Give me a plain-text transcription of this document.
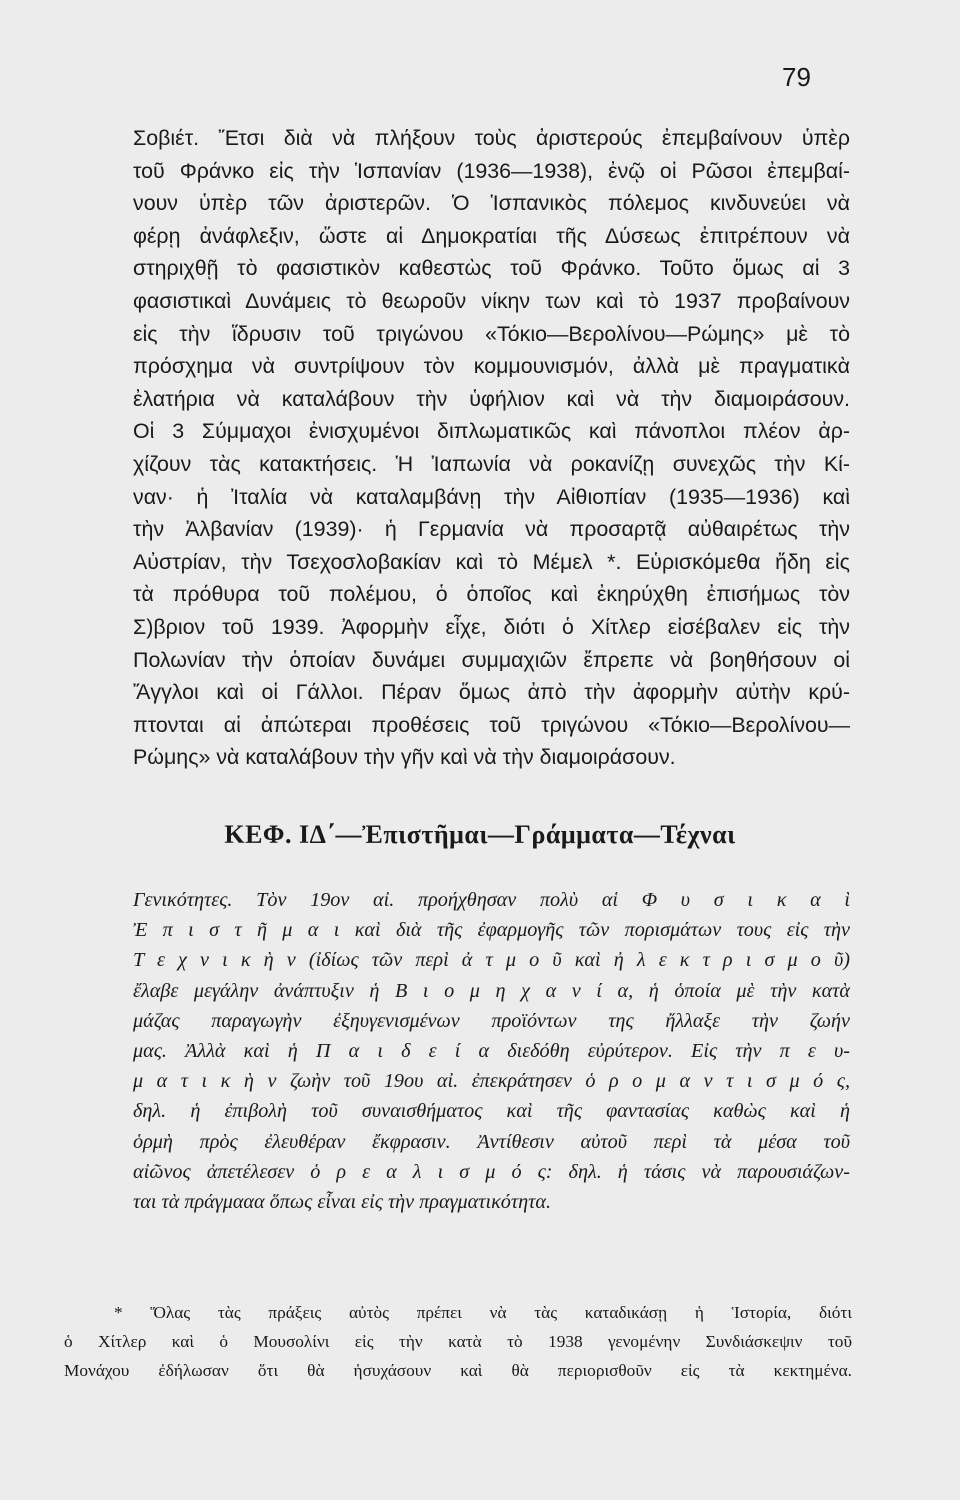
79
Σοβιέτ. Ἔτσι διὰ νὰ πλήξουν τοὺς ἀριστερούς ἐπεμβαίνουν ὑπὲρ
τοῦ Φράνκο εἰς τὴν Ἱσπανίαν (1936—1938), ἐνῷ οἱ Ρῶσοι ἐπεμβαί-
νουν ὑπὲρ τῶν ἀριστερῶν. Ὁ Ἱσπανικὸς πόλεμος κινδυνεύει νὰ
φέρῃ ἀνάφλεξιν, ὥστε αἱ Δημοκρατίαι τῆς Δύσεως ἐπιτρέπουν νὰ
στηριχθῇ τὸ φασιστικὸν καθεστὼς τοῦ Φράνκο. Τοῦτο ὅμως αἱ 3
φασιστικαὶ Δυνάμεις τὸ θεωροῦν νίκην των καὶ τὸ 1937 προβαίνουν
εἰς τὴν ἵδρυσιν τοῦ τριγώνου «Τόκιο—Βερολίνου—Ρώμης» μὲ τὸ
πρόσχημα νὰ συντρίψουν τὸν κομμουνισμόν, ἀλλὰ μὲ πραγματικὰ
ἐλατήρια νὰ καταλάβουν τὴν ὑφήλιον καὶ νὰ τὴν διαμοιράσουν.
Οἱ 3 Σύμμαχοι ἐνισχυμένοι διπλωματικῶς καὶ πάνοπλοι πλέον ἀρ-
χίζουν τὰς κατακτήσεις. Ἡ Ἰαπωνία νὰ ροκανίζῃ συνεχῶς τὴν Κί-
ναν· ἡ Ἰταλία νὰ καταλαμβάνῃ τὴν Αἰθιοπίαν (1935—1936) καὶ
τὴν Ἀλβανίαν (1939)· ἡ Γερμανία νὰ προσαρτᾷ αὐθαιρέτως τὴν
Αὐστρίαν, τὴν Τσεχοσλοβακίαν καὶ τὸ Μέμελ *. Εὑρισκόμεθα ἤδη εἰς
τὰ πρόθυρα τοῦ πολέμου, ὁ ὁποῖος καὶ ἐκηρύχθη ἐπισήμως τὸν
Σ)βριον τοῦ 1939. Ἀφορμὴν εἶχε, διότι ὁ Χίτλερ εἰσέβαλεν εἰς τὴν
Πολωνίαν τὴν ὁποίαν δυνάμει συμμαχιῶν ἔπρεπε νὰ βοηθήσουν οἱ
Ἄγγλοι καὶ οἱ Γάλλοι. Πέραν ὅμως ἀπὸ τὴν ἀφορμὴν αὐτὴν κρύ-
πτονται αἱ ἀπώτεραι προθέσεις τοῦ τριγώνου «Τόκιο—Βερολίνου—
Ρώμης» νὰ καταλάβουν τὴν γῆν καὶ νὰ τὴν διαμοιράσουν.
ΚΕΦ. ΙΔ΄—Ἐπιστῆμαι—Γράμματα—Τέχναι
Γενικότητες. Τὸν 19ον αἰ. προήχθησαν πολὺ αἱ Φ υ σ ι κ α ὶ
Ἐ π ι σ τ ῆ μ α ι καὶ διὰ τῆς ἐφαρμογῆς τῶν πορισμάτων τους εἰς τὴν
Τ ε χ ν ι κ ὴ ν (ἰδίως τῶν περὶ ἀ τ μ ο ῦ καὶ ἠ λ ε κ τ ρ ι σ μ ο ῦ)
ἔλαβε μεγάλην ἀνάπτυξιν ἡ Β ι ο μ η χ α ν ί α, ἡ ὁποία μὲ τὴν κατὰ
μάζας παραγωγὴν ἐξηυγενισμένων προϊόντων της ἤλλαξε τὴν ζωήν
μας. Ἀλλὰ καὶ ἡ Π α ι δ ε ί α διεδόθη εὐρύτερον. Εἰς τὴν π ε υ-
μ α τ ι κ ὴ ν ζωὴν τοῦ 19ου αἰ. ἐπεκράτησεν ὁ ρ ο μ α ν τ ι σ μ ό ς,
δηλ. ἡ ἐπιβολὴ τοῦ συναισθήματος καὶ τῆς φαντασίας καθὼς καὶ ἡ
ὁρμὴ πρὸς ἐλευθέραν ἔκφρασιν. Ἀντίθεσιν αὐτοῦ περὶ τὰ μέσα τοῦ
αἰῶνος ἀπετέλεσεν ὁ ρ ε α λ ι σ μ ό ς: δηλ. ἡ τάσις νὰ παρουσιάζων-
ται τὰ πράγμααα ὅπως εἶναι εἰς τὴν πραγματικότητα.
* Ὅλας τὰς πράξεις αὐτὸς πρέπει νὰ τὰς καταδικάσῃ ἡ Ἱστορία, διότι
ὁ Χίτλερ καὶ ὁ Μουσολίνι εἰς τὴν κατὰ τὸ 1938 γενομένην Συνδιάσκεψιν τοῦ
Μονάχου ἐδήλωσαν ὅτι θὰ ἡσυχάσουν καὶ θὰ περιορισθοῦν εἰς τὰ κεκτημένα.
